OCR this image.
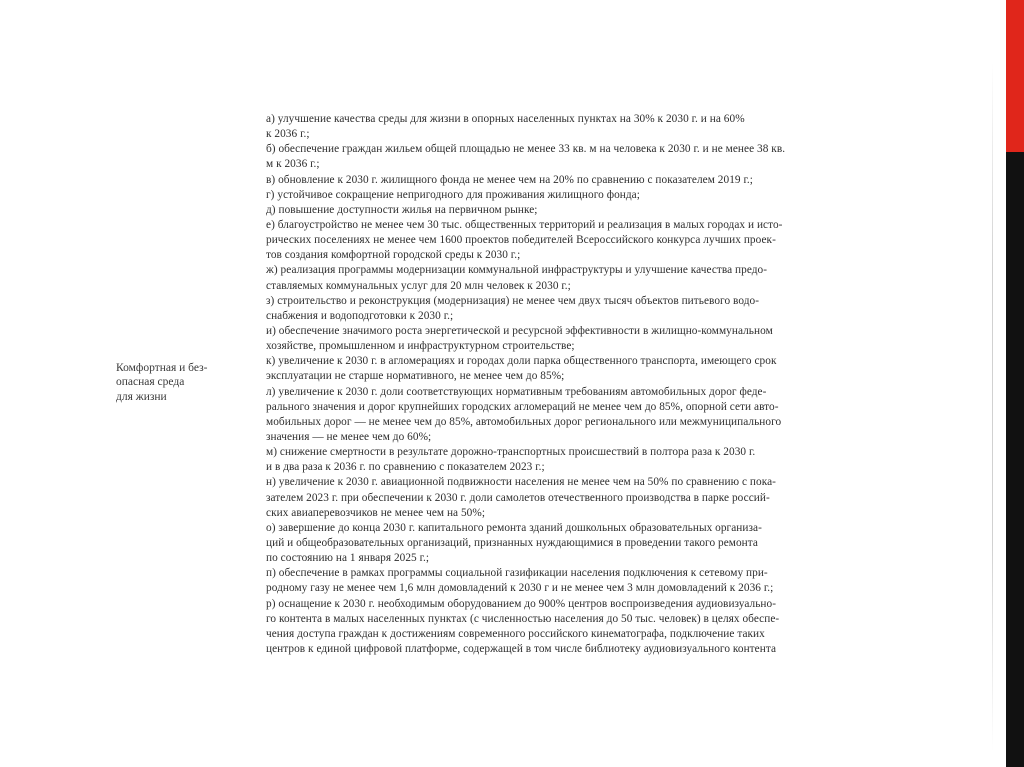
Комфортная и без-
опасная среда
для жизни
а) улучшение качества среды для жизни в опорных населенных пунктах на 30% к 2030 г. и на 60%
к 2036 г.;
б) обеспечение граждан жильем общей площадью не менее 33 кв. м на человека к 2030 г. и не менее 38 кв.
м к 2036 г.;
в) обновление к 2030 г. жилищного фонда не менее чем на 20% по сравнению с показателем 2019 г.;
г) устойчивое сокращение непригодного для проживания жилищного фонда;
д) повышение доступности жилья на первичном рынке;
е) благоустройство не менее чем 30 тыс. общественных территорий и реализация в малых городах и исто-
рических поселениях не менее чем 1600 проектов победителей Всероссийского конкурса лучших проек-
тов создания комфортной городской среды к 2030 г.;
ж) реализация программы модернизации коммунальной инфраструктуры и улучшение качества предо-
ставляемых коммунальных услуг для 20 млн человек к 2030 г.;
з) строительство и реконструкция (модернизация) не менее чем двух тысяч объектов питьевого водо-
снабжения и водоподготовки к 2030 г.;
и) обеспечение значимого роста энергетической и ресурсной эффективности в жилищно-коммунальном
хозяйстве, промышленном и инфраструктурном строительстве;
к) увеличение к 2030 г. в агломерациях и городах доли парка общественного транспорта, имеющего срок
эксплуатации не старше нормативного, не менее чем до 85%;
л) увеличение к 2030 г. доли соответствующих нормативным требованиям автомобильных дорог феде-
рального значения и дорог крупнейших городских агломераций не менее чем до 85%, опорной сети авто-
мобильных дорог — не менее чем до 85%, автомобильных дорог регионального или межмуниципального
значения — не менее чем до 60%;
м) снижение смертности в результате дорожно-транспортных происшествий в полтора раза к 2030 г.
и в два раза к 2036 г. по сравнению с показателем 2023 г.;
н) увеличение к 2030 г. авиационной подвижности населения не менее чем на 50% по сравнению с пока-
зателем 2023 г. при обеспечении к 2030 г. доли самолетов отечественного производства в парке россий-
ских авиаперевозчиков не менее чем на 50%;
о) завершение до конца 2030 г. капитального ремонта зданий дошкольных образовательных организа-
ций и общеобразовательных организаций, признанных нуждающимися в проведении такого ремонта
по состоянию на 1 января 2025 г.;
п) обеспечение в рамках программы социальной газификации населения подключения к сетевому при-
родному газу не менее чем 1,6 млн домовладений к 2030 г и не менее чем 3 млн домовладений к 2036 г.;
р) оснащение к 2030 г. необходимым оборудованием до 900% центров воспроизведения аудиовизуально-
го контента в малых населенных пунктах (с численностью населения до 50 тыс. человек) в целях обеспе-
чения доступа граждан к достижениям современного российского кинематографа, подключение таких
центров к единой цифровой платформе, содержащей в том числе библиотеку аудиовизуального контента
